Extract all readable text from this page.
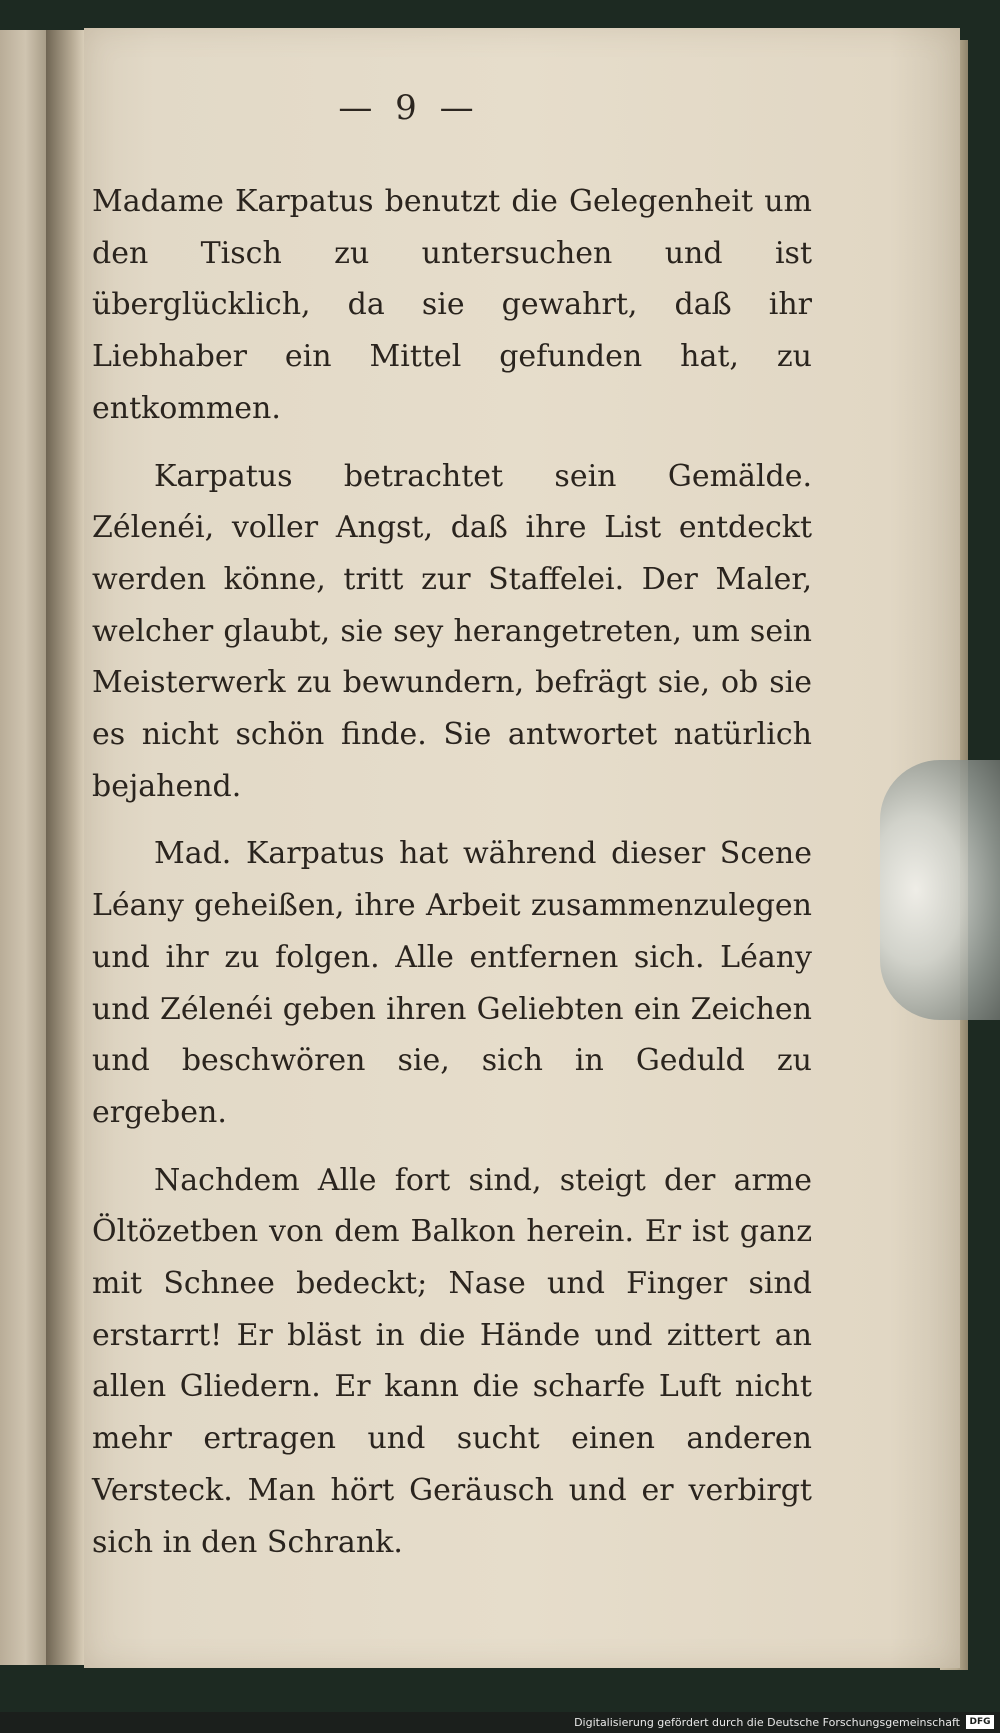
— 9 —

Madame Karpatus benutzt die Gelegenheit um den Tisch zu untersuchen und ist überglücklich, da sie gewahrt, daß ihr Liebhaber ein Mittel gefunden hat, zu entkommen.

Karpatus betrachtet sein Gemälde. Zélenéi, voller Angst, daß ihre List entdeckt werden könne, tritt zur Staffelei. Der Maler, welcher glaubt, sie sey herangetreten, um sein Meisterwerk zu bewundern, befrägt sie, ob sie es nicht schön finde. Sie antwortet natürlich bejahend.

Mad. Karpatus hat während dieser Scene Léany geheißen, ihre Arbeit zusammenzulegen und ihr zu folgen. Alle entfernen sich. Léany und Zélenéi geben ihren Geliebten ein Zeichen und beschwören sie, sich in Geduld zu ergeben.

Nachdem Alle fort sind, steigt der arme Öltözetben von dem Balkon herein. Er ist ganz mit Schnee bedeckt; Nase und Finger sind erstarrt! Er bläst in die Hände und zittert an allen Gliedern. Er kann die scharfe Luft nicht mehr ertragen und sucht einen anderen Versteck. Man hört Geräusch und er verbirgt sich in den Schrank.

Digitalisierung gefördert durch die Deutsche Forschungsgemeinschaft	DFG
